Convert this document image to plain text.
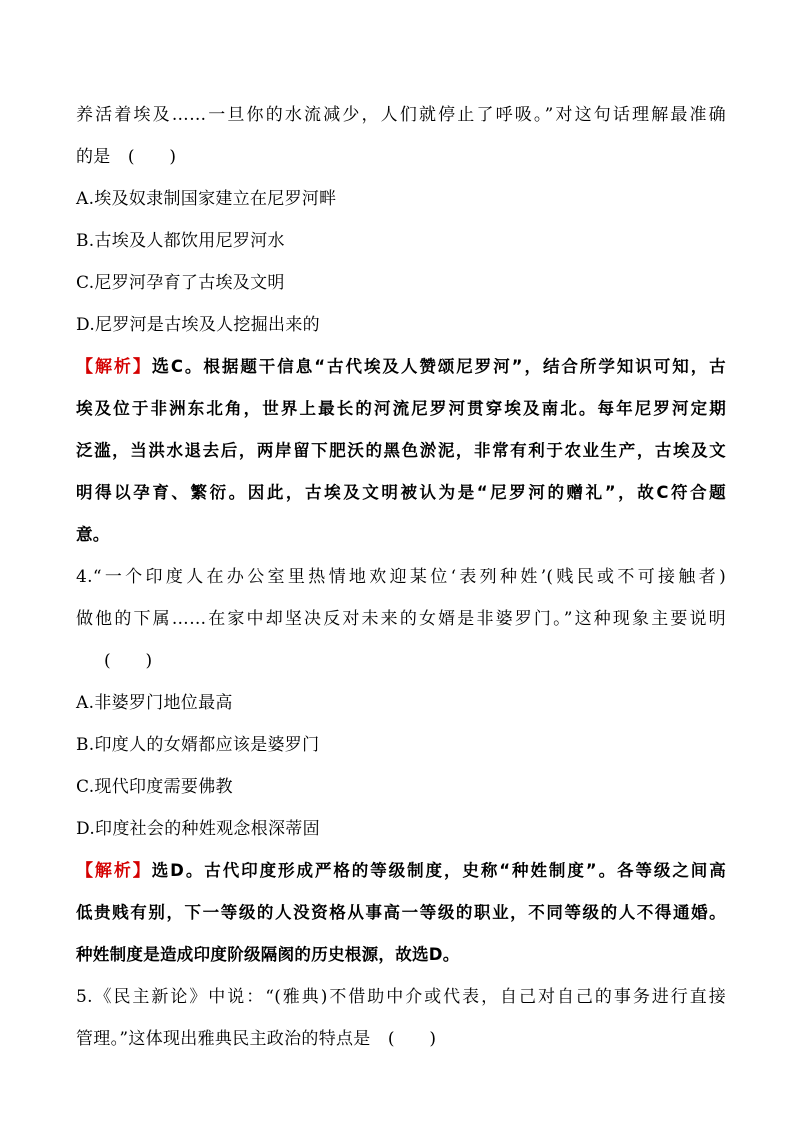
养活着埃及……一旦你的水流减少，人们就停止了呼吸。”对这句话理解最准确
的是　(　　)
A.埃及奴隶制国家建立在尼罗河畔
B.古埃及人都饮用尼罗河水
C.尼罗河孕育了古埃及文明
D.尼罗河是古埃及人挖掘出来的
【解析】选C。根据题干信息“古代埃及人赞颂尼罗河”，结合所学知识可知，古
埃及位于非洲东北角，世界上最长的河流尼罗河贯穿埃及南北。每年尼罗河定期
泛滥，当洪水退去后，两岸留下肥沃的黑色淤泥，非常有利于农业生产，古埃及文
明得以孕育、繁衍。因此，古埃及文明被认为是“尼罗河的赠礼”，故C符合题
意。
4.“一个印度人在办公室里热情地欢迎某位‘表列种姓’(贱民或不可接触者)
做他的下属……在家中却坚决反对未来的女婿是非婆罗门。”这种现象主要说明
(　　)
A.非婆罗门地位最高
B.印度人的女婿都应该是婆罗门
C.现代印度需要佛教
D.印度社会的种姓观念根深蒂固
【解析】选D。古代印度形成严格的等级制度，史称“种姓制度”。各等级之间高
低贵贱有别，下一等级的人没资格从事高一等级的职业，不同等级的人不得通婚。
种姓制度是造成印度阶级隔阂的历史根源，故选D。
5.《民主新论》中说：“(雅典)不借助中介或代表，自己对自己的事务进行直接
管理。”这体现出雅典民主政治的特点是　(　　)
